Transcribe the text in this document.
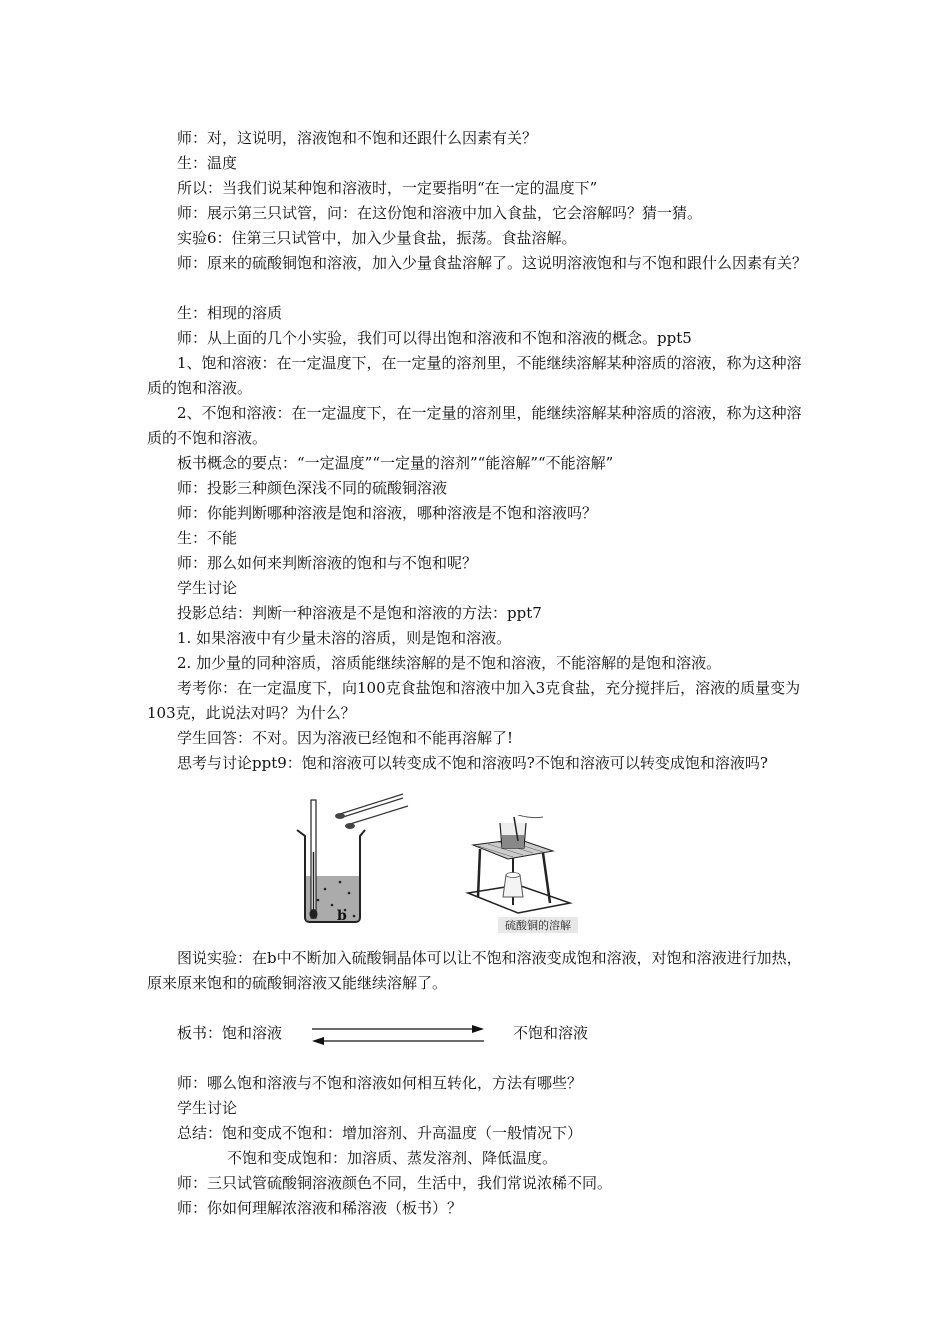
师：对，这说明，溶液饱和不饱和还跟什么因素有关？
生：温度
所以：当我们说某种饱和溶液时，一定要指明“在一定的温度下”
师：展示第三只试管，问：在这份饱和溶液中加入食盐，它会溶解吗？猜一猜。
实验6：住第三只试管中，加入少量食盐，振荡。食盐溶解。
师：原来的硫酸铜饱和溶液，加入少量食盐溶解了。这说明溶液饱和与不饱和跟什么因素有关？
生：相现的溶质
师：从上面的几个小实验，我们可以得出饱和溶液和不饱和溶液的概念。ppt5
1、饱和溶液：在一定温度下，在一定量的溶剂里，不能继续溶解某种溶质的溶液，称为这种溶质的饱和溶液。
2、不饱和溶液：在一定温度下，在一定量的溶剂里，能继续溶解某种溶质的溶液，称为这种溶质的不饱和溶液。
板书概念的要点：“一定温度”“一定量的溶剂”“能溶解”“不能溶解”
师：投影三种颜色深浅不同的硫酸铜溶液
师：你能判断哪种溶液是饱和溶液，哪种溶液是不饱和溶液吗？
生：不能
师：那么如何来判断溶液的饱和与不饱和呢？
学生讨论
投影总结：判断一种溶液是不是饱和溶液的方法：ppt7
1. 如果溶液中有少量未溶的溶质，则是饱和溶液。
2. 加少量的同种溶质，溶质能继续溶解的是不饱和溶液，不能溶解的是饱和溶液。
考考你：在一定温度下，向100克食盐饱和溶液中加入3克食盐，充分搅拌后，溶液的质量变为103克，此说法对吗？为什么？
学生回答：不对。因为溶液已经饱和不能再溶解了!
思考与讨论ppt9：饱和溶液可以转变成不饱和溶液吗?不饱和溶液可以转变成饱和溶液吗?
b
硫酸铜的溶解
图说实验：在b中不断加入硫酸铜晶体可以让不饱和溶液变成饱和溶液，对饱和溶液进行加热，原来原来饱和的硫酸铜溶液又能继续溶解了。
板书：饱和溶液	不饱和溶液
师：哪么饱和溶液与不饱和溶液如何相互转化，方法有哪些？
学生讨论
总结：饱和变成不饱和：增加溶剂、升高温度（一般情况下）
不饱和变成饱和：加溶质、蒸发溶剂、降低温度。
师：三只试管硫酸铜溶液颜色不同，生活中，我们常说浓稀不同。
师：你如何理解浓溶液和稀溶液（板书）？
